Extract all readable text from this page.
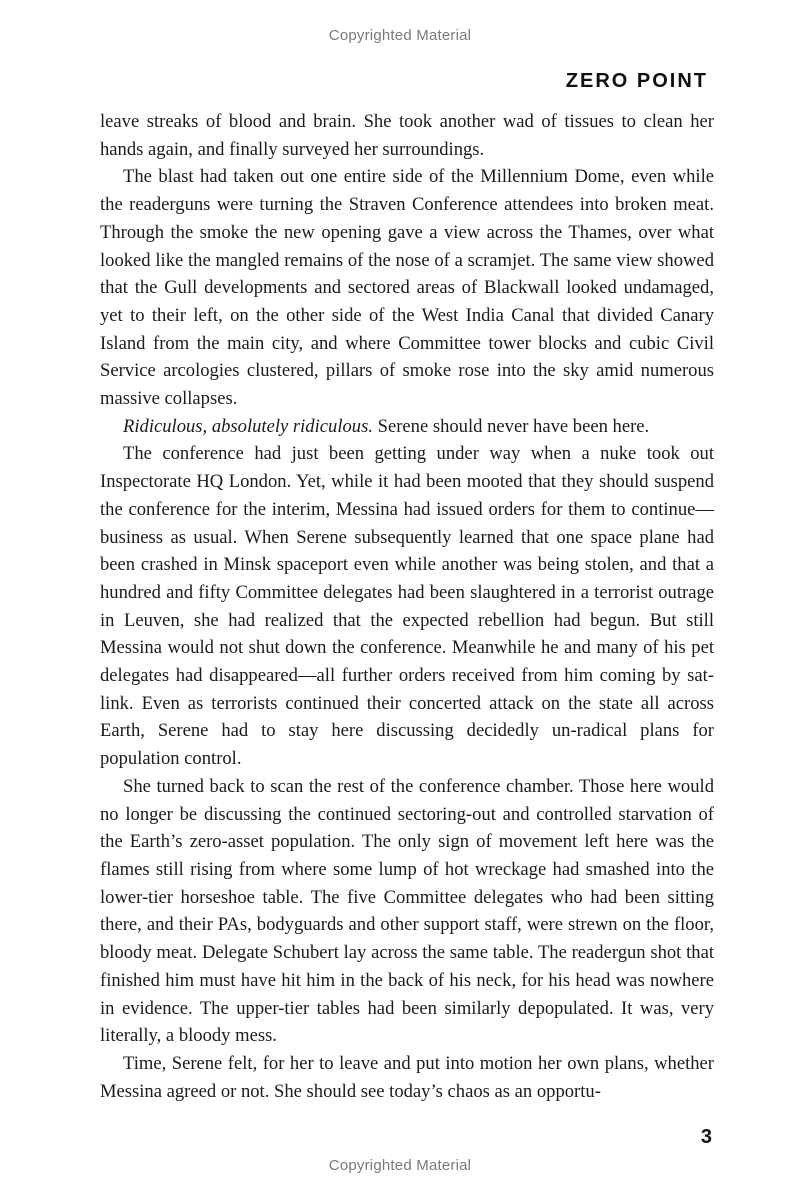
Copyrighted Material
ZERO POINT

leave streaks of blood and brain. She took another wad of tissues to clean her hands again, and finally surveyed her surroundings.

The blast had taken out one entire side of the Millennium Dome, even while the readerguns were turning the Straven Conference attendees into broken meat. Through the smoke the new opening gave a view across the Thames, over what looked like the mangled remains of the nose of a scramjet. The same view showed that the Gull developments and sectored areas of Blackwall looked undamaged, yet to their left, on the other side of the West India Canal that divided Canary Island from the main city, and where Committee tower blocks and cubic Civil Service arcologies clustered, pillars of smoke rose into the sky amid numerous massive collapses.

Ridiculous, absolutely ridiculous. Serene should never have been here.

The conference had just been getting under way when a nuke took out Inspectorate HQ London. Yet, while it had been mooted that they should suspend the conference for the interim, Messina had issued orders for them to continue—business as usual. When Serene subsequently learned that one space plane had been crashed in Minsk spaceport even while another was being stolen, and that a hundred and fifty Committee delegates had been slaughtered in a terrorist outrage in Leuven, she had realized that the expected rebellion had begun. But still Messina would not shut down the conference. Meanwhile he and many of his pet delegates had disappeared—all further orders received from him coming by sat-link. Even as terrorists continued their concerted attack on the state all across Earth, Serene had to stay here discussing decidedly un-radical plans for population control.

She turned back to scan the rest of the conference chamber. Those here would no longer be discussing the continued sectoring-out and controlled starvation of the Earth’s zero-asset population. The only sign of movement left here was the flames still rising from where some lump of hot wreckage had smashed into the lower-tier horseshoe table. The five Committee delegates who had been sitting there, and their PAs, bodyguards and other support staff, were strewn on the floor, bloody meat. Delegate Schubert lay across the same table. The readergun shot that finished him must have hit him in the back of his neck, for his head was nowhere in evidence. The upper-tier tables had been similarly depopulated. It was, very literally, a bloody mess.

Time, Serene felt, for her to leave and put into motion her own plans, whether Messina agreed or not. She should see today’s chaos as an opportu-

3
Copyrighted Material
